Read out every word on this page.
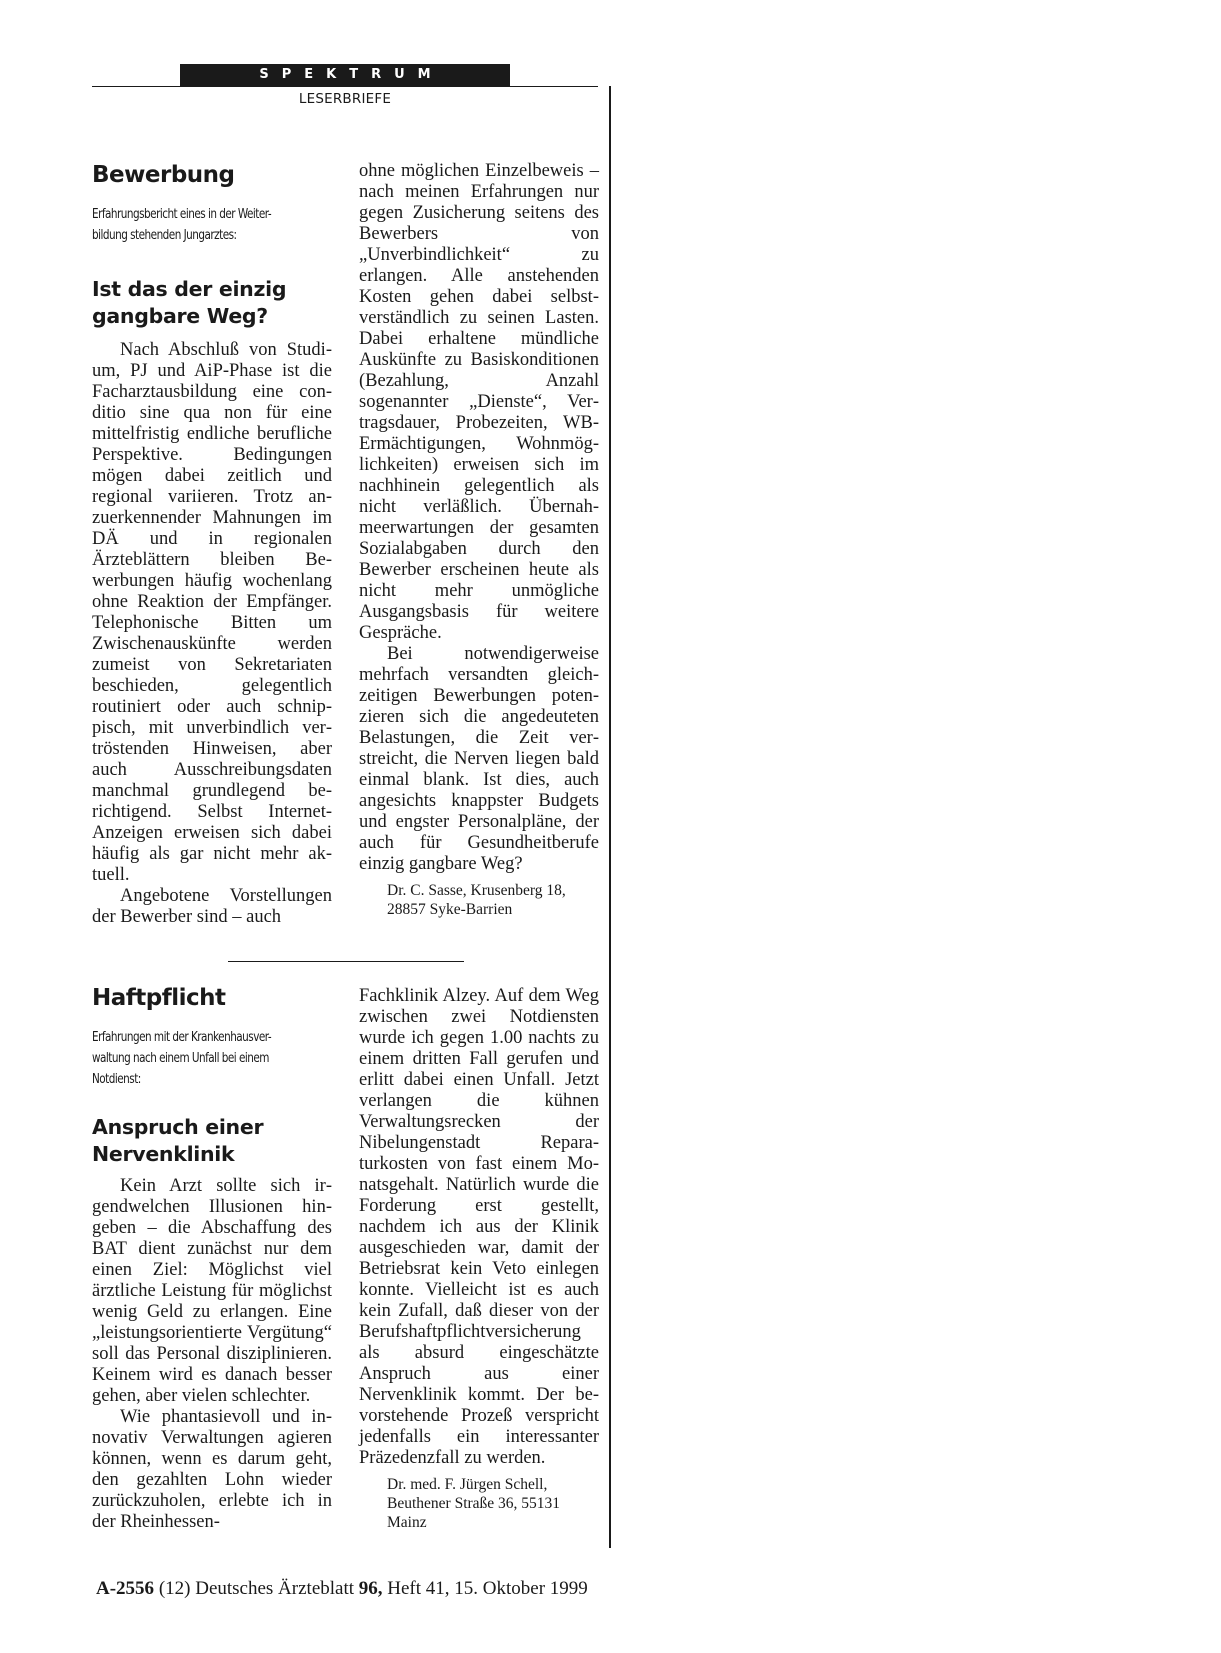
SPEKTRUM
LESERBRIEFE
Bewerbung

Erfahrungsbericht eines in der Weiter-
bildung stehenden Jungarztes:

Ist das der einzig
gangbare Weg?

Nach Abschluß von Studium, PJ und AiP-Phase ist die Facharztausbildung eine conditio sine qua non für eine mittelfristig endliche berufliche Perspektive. Bedingungen mögen dabei zeitlich und regional variieren. Trotz anzuerkennender Mahnungen im DÄ und in regionalen Ärzteblättern bleiben Bewerbungen häufig wochenlang ohne Reaktion der Empfänger. Telephonische Bitten um Zwischenauskünfte werden zumeist von Sekretariaten beschieden, gelegentlich routiniert oder auch schnippisch, mit unverbindlich vertröstenden Hinweisen, aber auch Ausschreibungsdaten manchmal grundlegend berichtigend. Selbst Internet-Anzeigen erweisen sich dabei häufig als gar nicht mehr aktuell.

Angebotene Vorstellungen der Bewerber sind – auch

ohne möglichen Einzelbeweis – nach meinen Erfahrungen nur gegen Zusicherung seitens des Bewerbers von „Unverbindlichkeit“ zu erlangen. Alle anstehenden Kosten gehen dabei selbstverständlich zu seinen Lasten. Dabei erhaltene mündliche Auskünfte zu Basiskonditionen (Bezahlung, Anzahl sogenannter „Dienste“, Vertragsdauer, Probezeiten, WB-Ermächtigungen, Wohnmöglichkeiten) erweisen sich im nachhinein gelegentlich als nicht verläßlich. Übernahmeerwartungen der gesamten Sozialabgaben durch den Bewerber erscheinen heute als nicht mehr unmögliche Ausgangsbasis für weitere Gespräche.

Bei notwendigerweise mehrfach versandten gleichzeitigen Bewerbungen potenzieren sich die angedeuteten Belastungen, die Zeit verstreicht, die Nerven liegen bald einmal blank. Ist dies, auch angesichts knappster Budgets und engster Personalpläne, der auch für Gesundheitberufe einzig gangbare Weg?

Dr. C. Sasse, Krusenberg 18,
28857 Syke-Barrien
Haftpflicht

Erfahrungen mit der Krankenhausver-
waltung nach einem Unfall bei einem
Notdienst:

Anspruch einer
Nervenklinik

Kein Arzt sollte sich irgendwelchen Illusionen hingeben – die Abschaffung des BAT dient zunächst nur dem einen Ziel: Möglichst viel ärztliche Leistung für möglichst wenig Geld zu erlangen. Eine „leistungsorientierte Vergütung“ soll das Personal disziplinieren. Keinem wird es danach besser gehen, aber vielen schlechter.

Wie phantasievoll und innovativ Verwaltungen agieren können, wenn es darum geht, den gezahlten Lohn wieder zurückzuholen, erlebte ich in der Rheinhessen-

Fachklinik Alzey. Auf dem Weg zwischen zwei Notdiensten wurde ich gegen 1.00 nachts zu einem dritten Fall gerufen und erlitt dabei einen Unfall. Jetzt verlangen die kühnen Verwaltungsrecken der Nibelungenstadt Reparaturkosten von fast einem Monatsgehalt. Natürlich wurde die Forderung erst gestellt, nachdem ich aus der Klinik ausgeschieden war, damit der Betriebsrat kein Veto einlegen konnte. Vielleicht ist es auch kein Zufall, daß dieser von der Berufshaftpflichtversicherung als absurd eingeschätzte Anspruch aus einer Nervenklinik kommt. Der bevorstehende Prozeß verspricht jedenfalls ein interessanter Präzedenzfall zu werden.

Dr. med. F. Jürgen Schell,
Beuthener Straße 36, 55131
Mainz
A-2556 (12) Deutsches Ärzteblatt 96, Heft 41, 15. Oktober 1999
